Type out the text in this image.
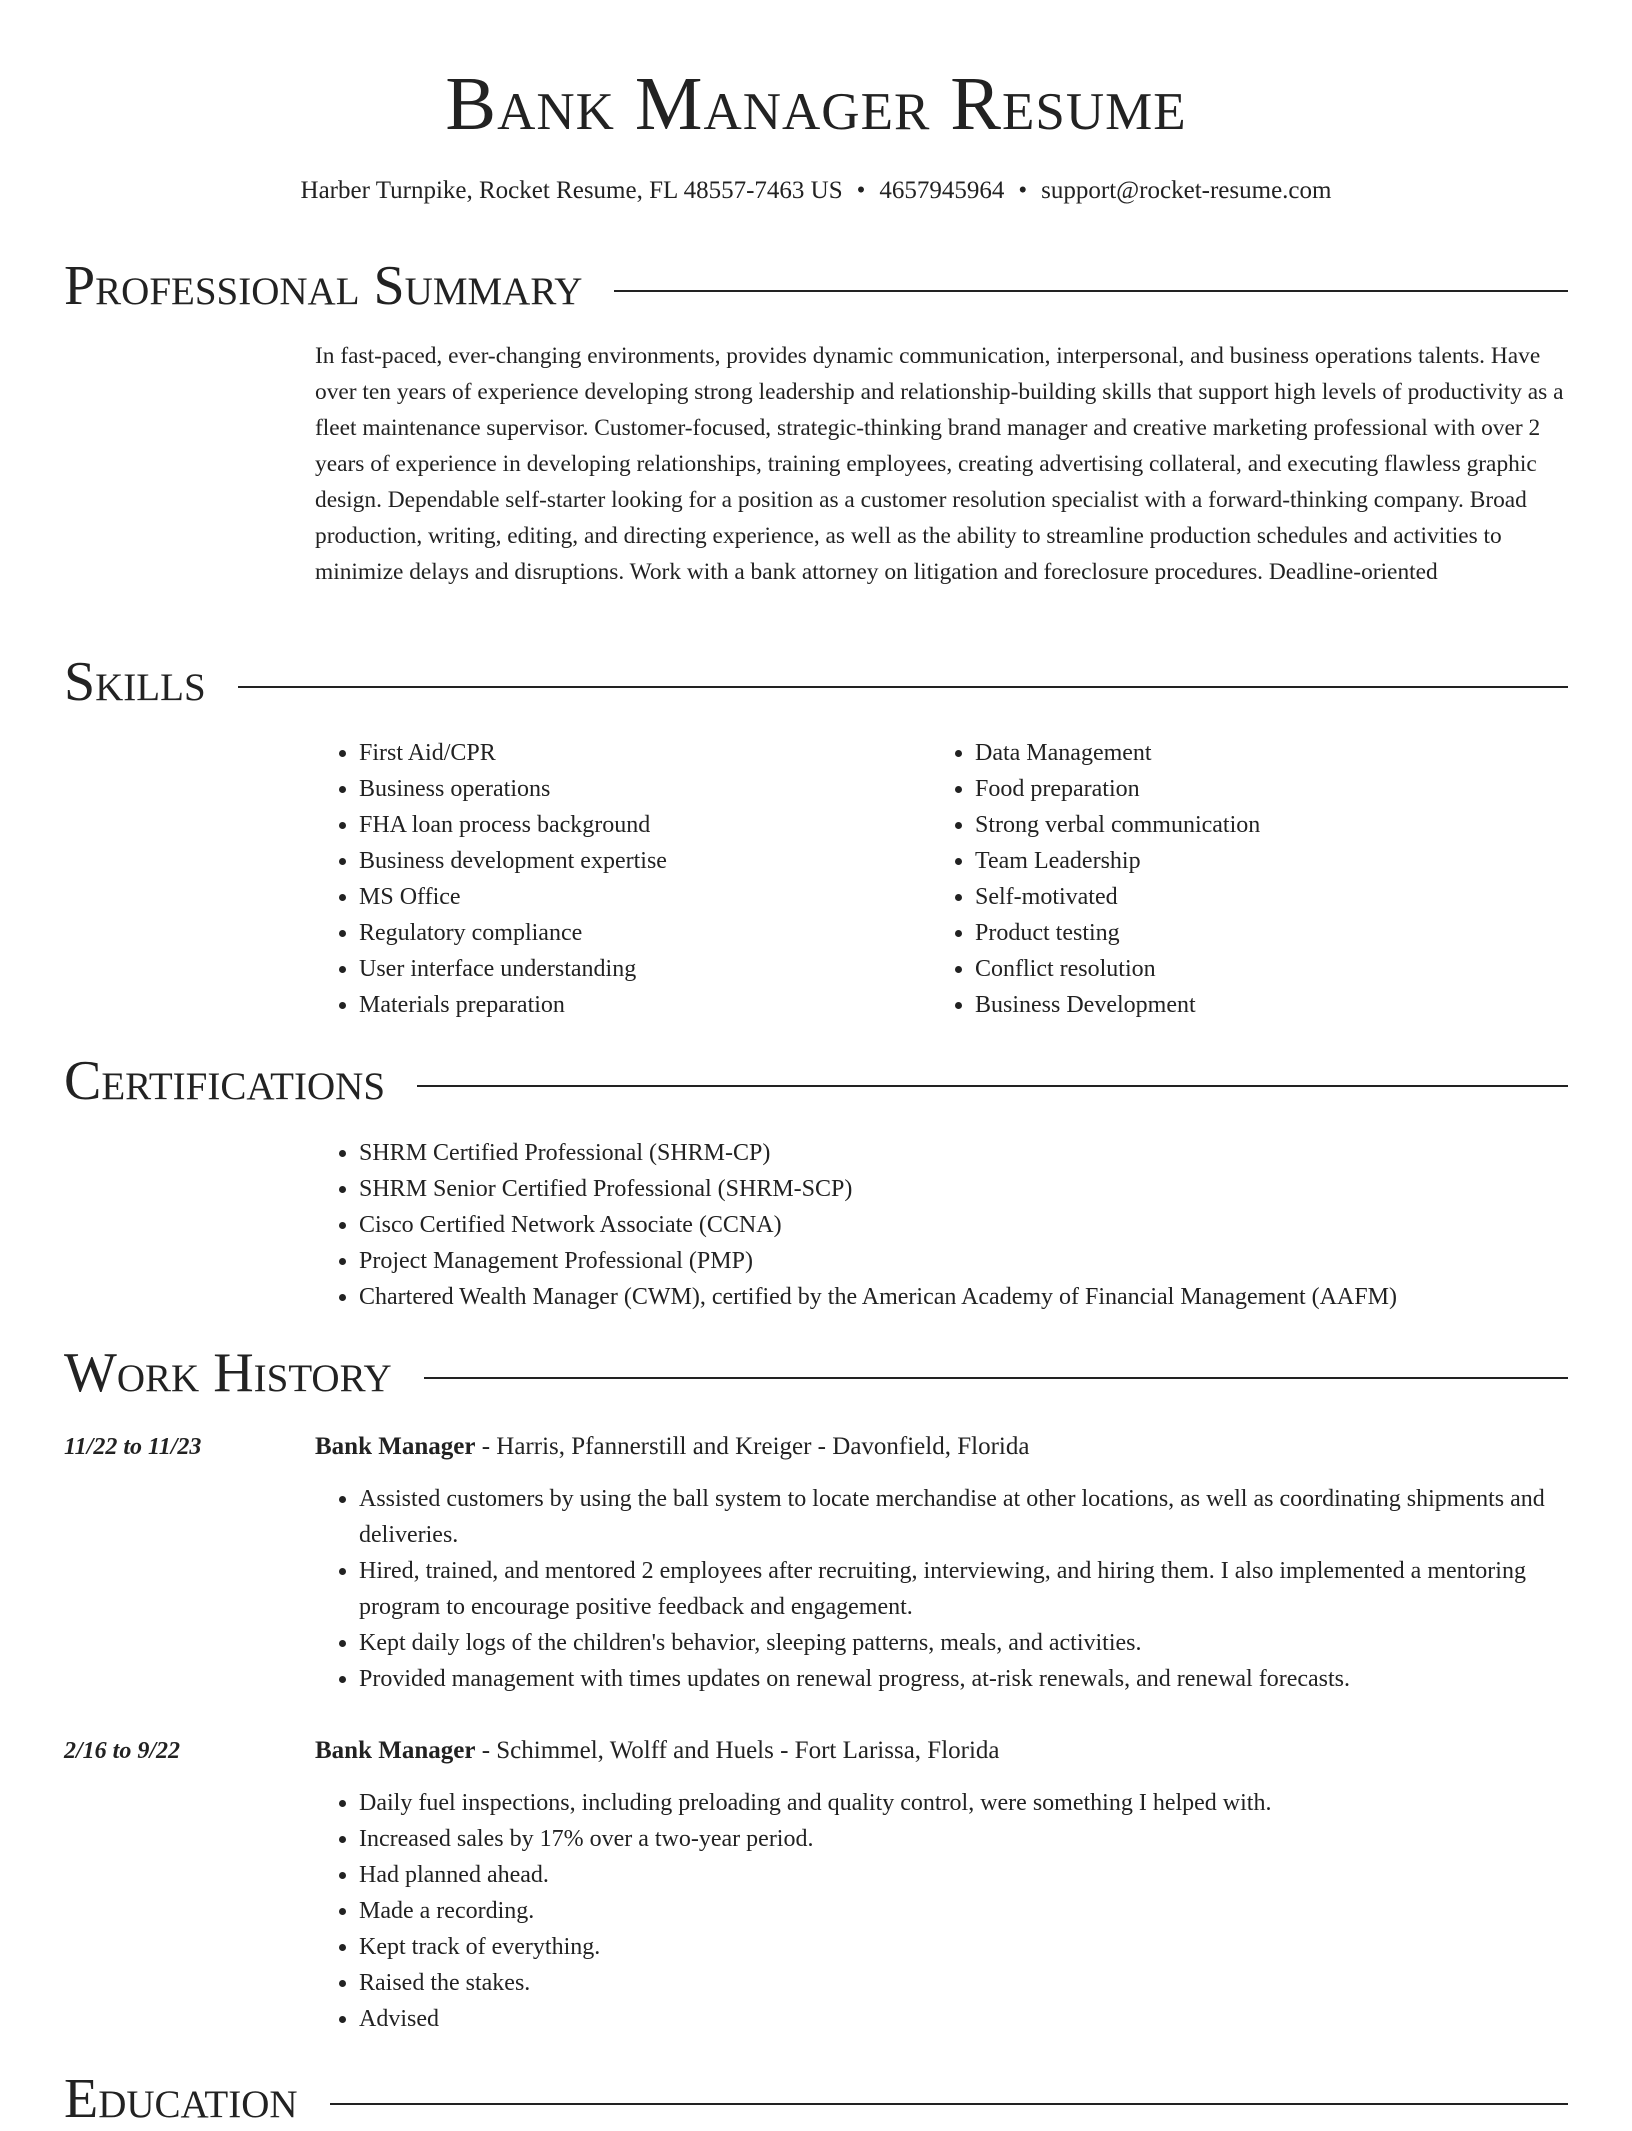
Bank Manager Resume
Harber Turnpike, Rocket Resume, FL 48557-7463 US • 4657945964 • support@rocket-resume.com
Professional Summary

In fast-paced, ever-changing environments, provides dynamic communication, interpersonal, and business operations talents. Have over ten years of experience developing strong leadership and relationship-building skills that support high levels of productivity as a fleet maintenance supervisor. Customer-focused, strategic-thinking brand manager and creative marketing professional with over 2 years of experience in developing relationships, training employees, creating advertising collateral, and executing flawless graphic design. Dependable self-starter looking for a position as a customer resolution specialist with a forward-thinking company. Broad production, writing, editing, and directing experience, as well as the ability to streamline production schedules and activities to minimize delays and disruptions. Work with a bank attorney on litigation and foreclosure procedures. Deadline-oriented

Skills
• First Aid/CPR
• Business operations
• FHA loan process background
• Business development expertise
• MS Office
• Regulatory compliance
• User interface understanding
• Materials preparation
• Data Management
• Food preparation
• Strong verbal communication
• Team Leadership
• Self-motivated
• Product testing
• Conflict resolution
• Business Development
Certifications
• SHRM Certified Professional (SHRM-CP)
• SHRM Senior Certified Professional (SHRM-SCP)
• Cisco Certified Network Associate (CCNA)
• Project Management Professional (PMP)
• Chartered Wealth Manager (CWM), certified by the American Academy of Financial Management (AAFM)
Work History
11/22 to 11/23	Bank Manager - Harris, Pfannerstill and Kreiger - Davonfield, Florida
• Assisted customers by using the ball system to locate merchandise at other locations, as well as coordinating shipments and deliveries.
• Hired, trained, and mentored 2 employees after recruiting, interviewing, and hiring them. I also implemented a mentoring program to encourage positive feedback and engagement.
• Kept daily logs of the children's behavior, sleeping patterns, meals, and activities.
• Provided management with times updates on renewal progress, at-risk renewals, and renewal forecasts.
2/16 to 9/22	Bank Manager - Schimmel, Wolff and Huels - Fort Larissa, Florida
• Daily fuel inspections, including preloading and quality control, were something I helped with.
• Increased sales by 17% over a two-year period.
• Had planned ahead.
• Made a recording.
• Kept track of everything.
• Raised the stakes.
• Advised
Education
